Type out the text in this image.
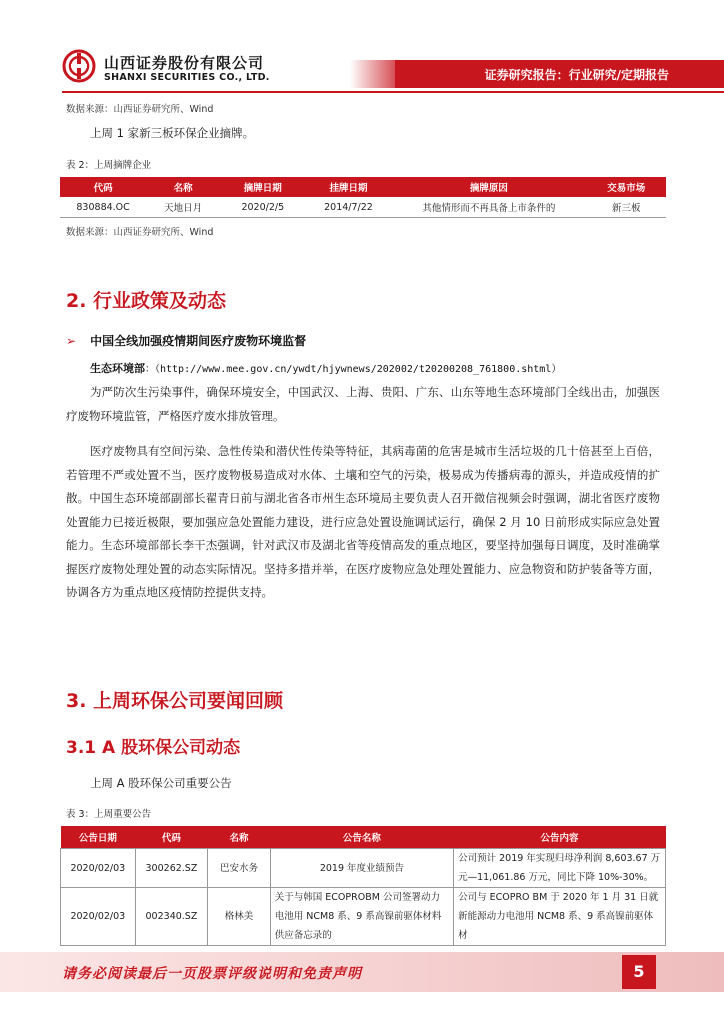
山西证券股份有限公司
SHANXI SECURITIES CO., LTD.	证券研究报告：行业研究/定期报告
数据来源：山西证券研究所、Wind
上周 1 家新三板环保企业摘牌。
表 2：上周摘牌企业
代码	名称	摘牌日期	挂牌日期	摘牌原因	交易市场
830884.OC	天地日月	2020/2/5	2014/7/22	其他情形而不再具备上市条件的	新三板
数据来源：山西证券研究所、Wind
2. 行业政策及动态
➢ 中国全线加强疫情期间医疗废物环境监督
生态环境部：（http://www.mee.gov.cn/ywdt/hjywnews/202002/t20200208_761800.shtml）
为严防次生污染事件，确保环境安全，中国武汉、上海、贵阳、广东、山东等地生态环境部门全线出击，加强医疗废物环境监管，严格医疗废水排放管理。
医疗废物具有空间污染、急性传染和潜伏性传染等特征，其病毒菌的危害是城市生活垃圾的几十倍甚至上百倍，若管理不严或处置不当，医疗废物极易造成对水体、土壤和空气的污染，极易成为传播病毒的源头，并造成疫情的扩散。中国生态环境部副部长翟青日前与湖北省各市州生态环境局主要负责人召开微信视频会时强调，湖北省医疗废物处置能力已接近极限，要加强应急处置能力建设，进行应急处置设施调试运行，确保 2 月 10 日前形成实际应急处置能力。生态环境部部长李干杰强调，针对武汉市及湖北省等疫情高发的重点地区，要坚持加强每日调度，及时准确掌握医疗废物处理处置的动态实际情况。坚持多措并举，在医疗废物应急处理处置能力、应急物资和防护装备等方面，协调各方为重点地区疫情防控提供支持。
3. 上周环保公司要闻回顾
3.1 A 股环保公司动态
上周 A 股环保公司重要公告
表 3：上周重要公告
公告日期	代码	名称	公告名称	公告内容
2020/02/03	300262.SZ	巴安水务	2019 年度业绩预告	公司预计 2019 年实现归母净利润 8,603.67 万元—11,061.86 万元，同比下降 10%-30%。
2020/02/03	002340.SZ	格林美	关于与韩国 ECOPROBM 公司签署动力电池用 NCM8 系、9 系高镍前驱体材料供应备忘录的	公司与 ECOPRO BM 于 2020 年 1 月 31 日就新能源动力电池用 NCM8 系、9 系高镍前驱体材
请务必阅读最后一页股票评级说明和免责声明	5
